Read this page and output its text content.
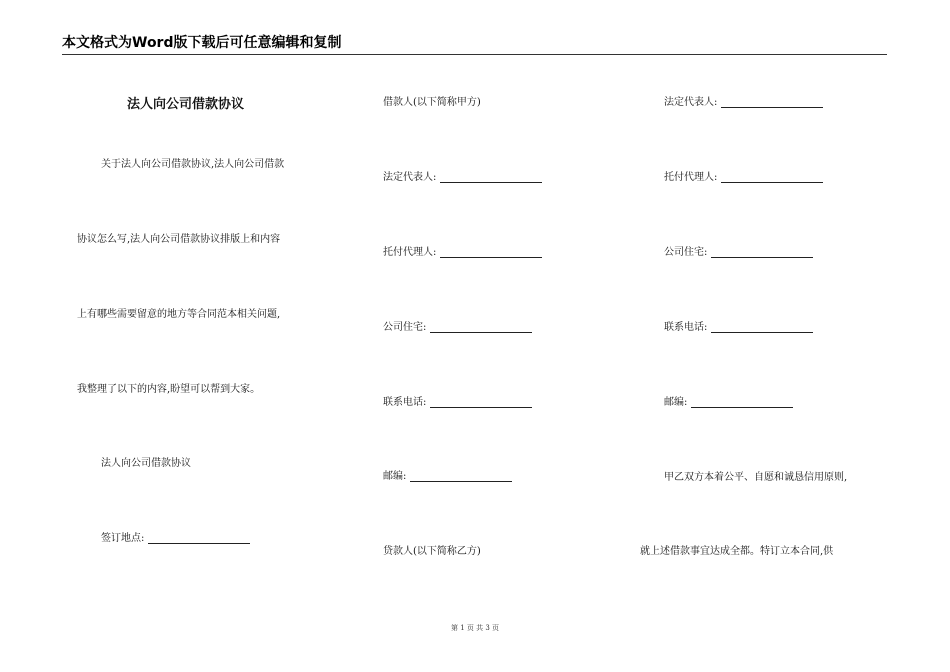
本文格式为Word版下载后可任意编辑和复制
法人向公司借款协议
关于法人向公司借款协议,法人向公司借款
协议怎么写,法人向公司借款协议排版上和内容
上有哪些需要留意的地方等合同范本相关问题,
我整理了以下的内容,盼望可以帮到大家。
法人向公司借款协议
签订地点:
借款人(以下简称甲方)
法定代表人:
托付代理人:
公司住宅:
联系电话:
邮编:
贷款人(以下简称乙方)
法定代表人:
托付代理人:
公司住宅:
联系电话:
邮编:
甲乙双方本着公平、自愿和诚恳信用原则,
就上述借款事宜达成全都。特订立本合同,供
第 1 页 共 3 页
